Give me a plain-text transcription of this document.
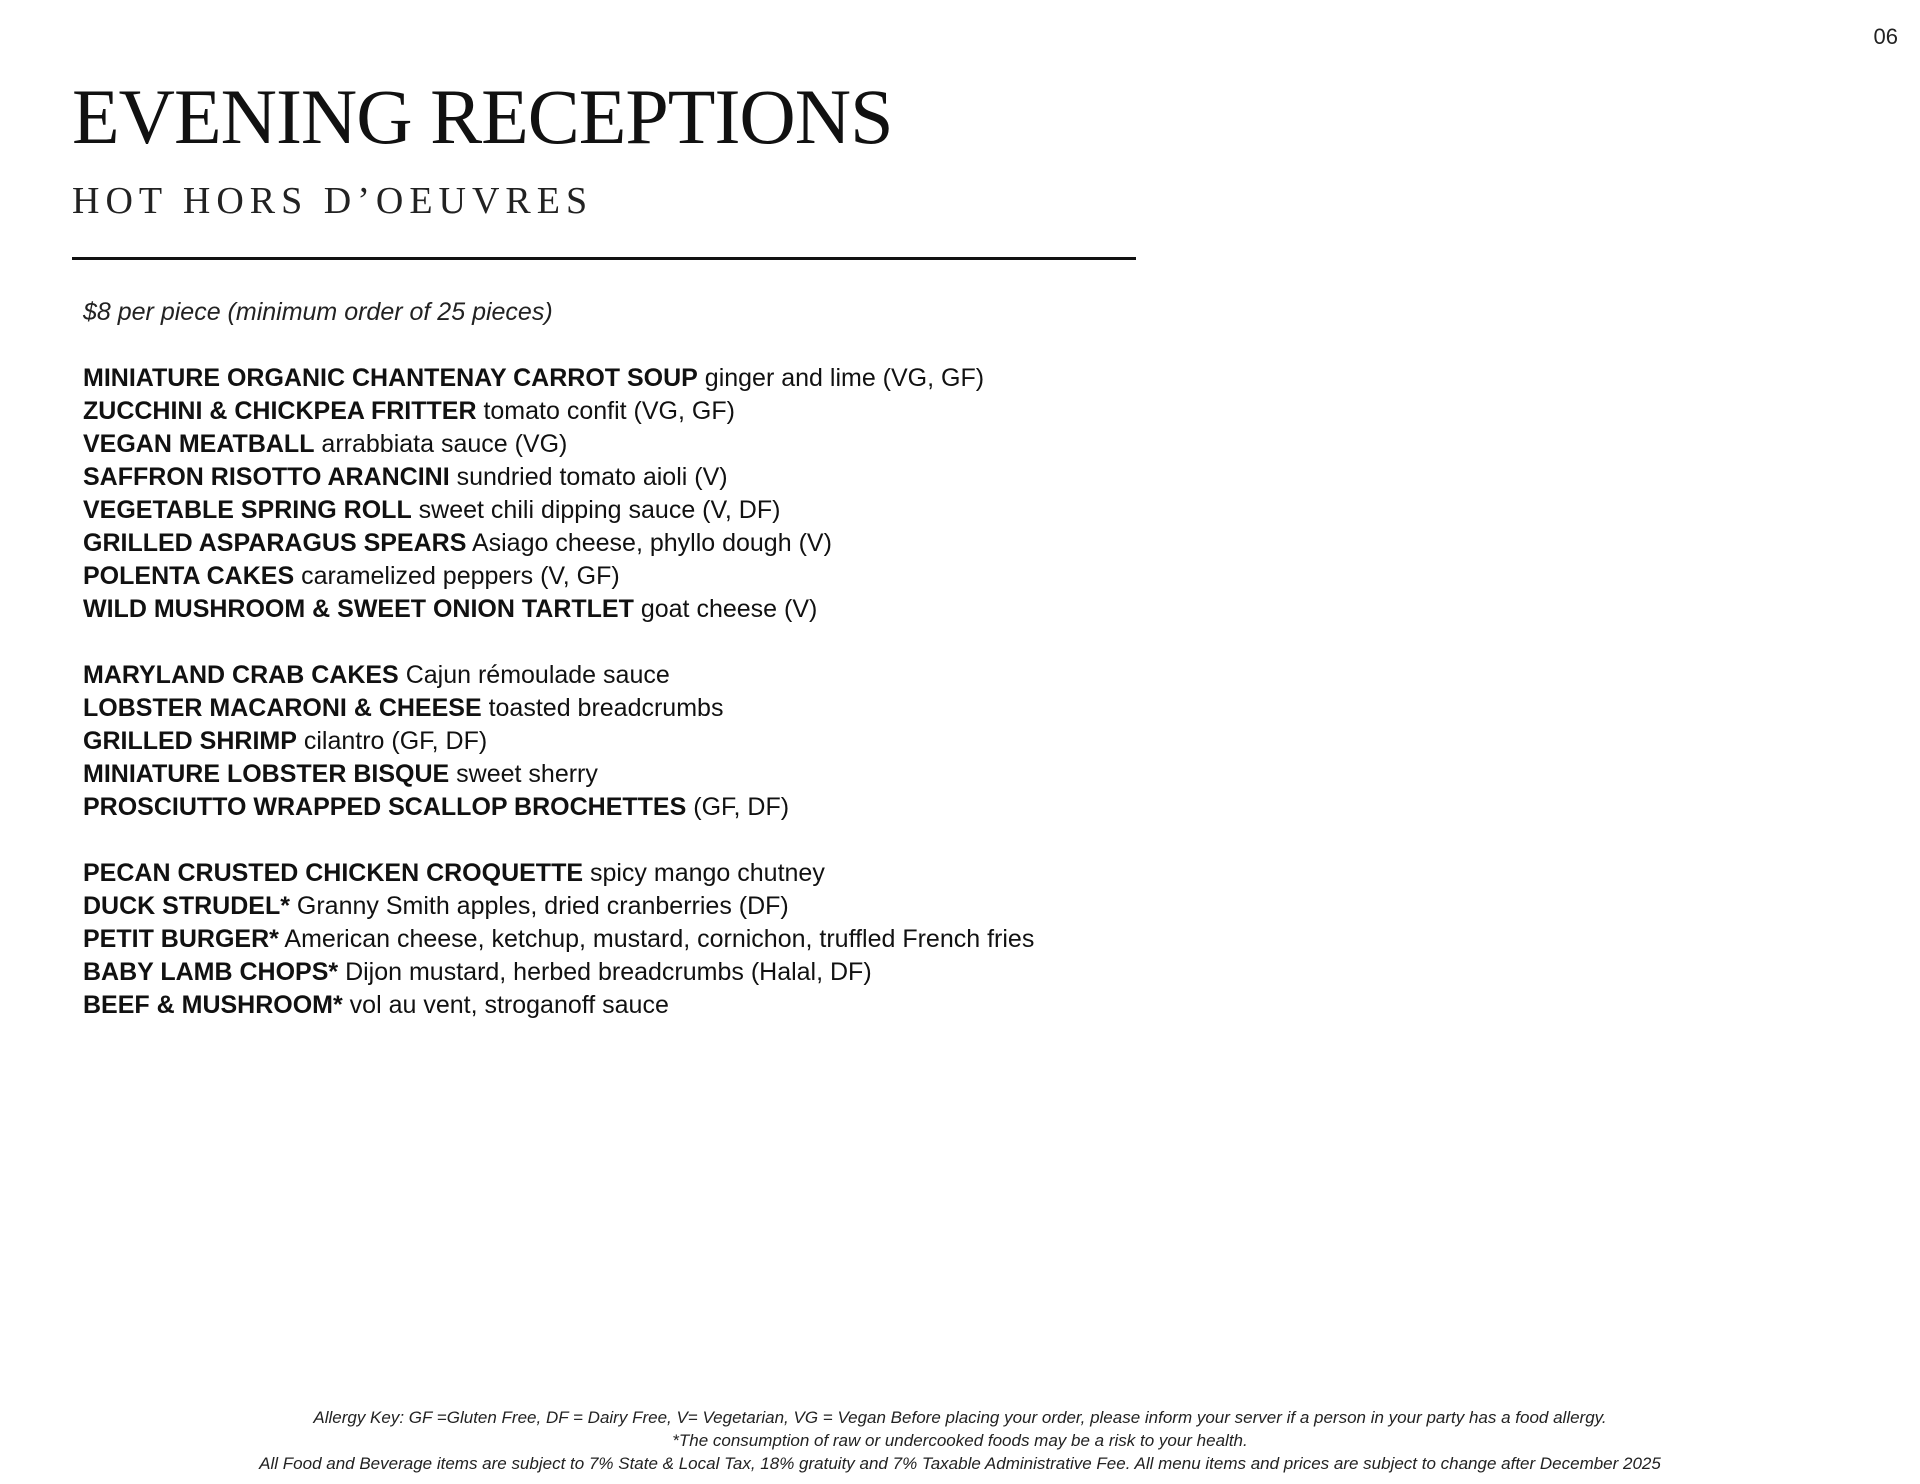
06
EVENING RECEPTIONS
HOT HORS D’OEUVRES

$8 per piece (minimum order of 25 pieces)

MINIATURE ORGANIC CHANTENAY CARROT SOUP ginger and lime (VG, GF)
ZUCCHINI & CHICKPEA FRITTER tomato confit (VG, GF)
VEGAN MEATBALL arrabbiata sauce (VG)
SAFFRON RISOTTO ARANCINI sundried tomato aioli (V)
VEGETABLE SPRING ROLL sweet chili dipping sauce (V, DF)
GRILLED ASPARAGUS SPEARS Asiago cheese, phyllo dough (V)
POLENTA CAKES caramelized peppers (V, GF)
WILD MUSHROOM & SWEET ONION TARTLET goat cheese (V)
MARYLAND CRAB CAKES Cajun rémoulade sauce
LOBSTER MACARONI & CHEESE toasted breadcrumbs
GRILLED SHRIMP cilantro (GF, DF)
MINIATURE LOBSTER BISQUE sweet sherry
PROSCIUTTO WRAPPED SCALLOP BROCHETTES (GF, DF)
PECAN CRUSTED CHICKEN CROQUETTE spicy mango chutney
DUCK STRUDEL* Granny Smith apples, dried cranberries (DF)
PETIT BURGER* American cheese, ketchup, mustard, cornichon, truffled French fries
BABY LAMB CHOPS* Dijon mustard, herbed breadcrumbs (Halal, DF)
BEEF & MUSHROOM* vol au vent, stroganoff sauce
Allergy Key: GF =Gluten Free, DF = Dairy Free, V= Vegetarian, VG = Vegan Before placing your order, please inform your server if a person in your party has a food allergy.
*The consumption of raw or undercooked foods may be a risk to your health.
All Food and Beverage items are subject to 7% State & Local Tax, 18% gratuity and 7% Taxable Administrative Fee. All menu items and prices are subject to change after December 2025
